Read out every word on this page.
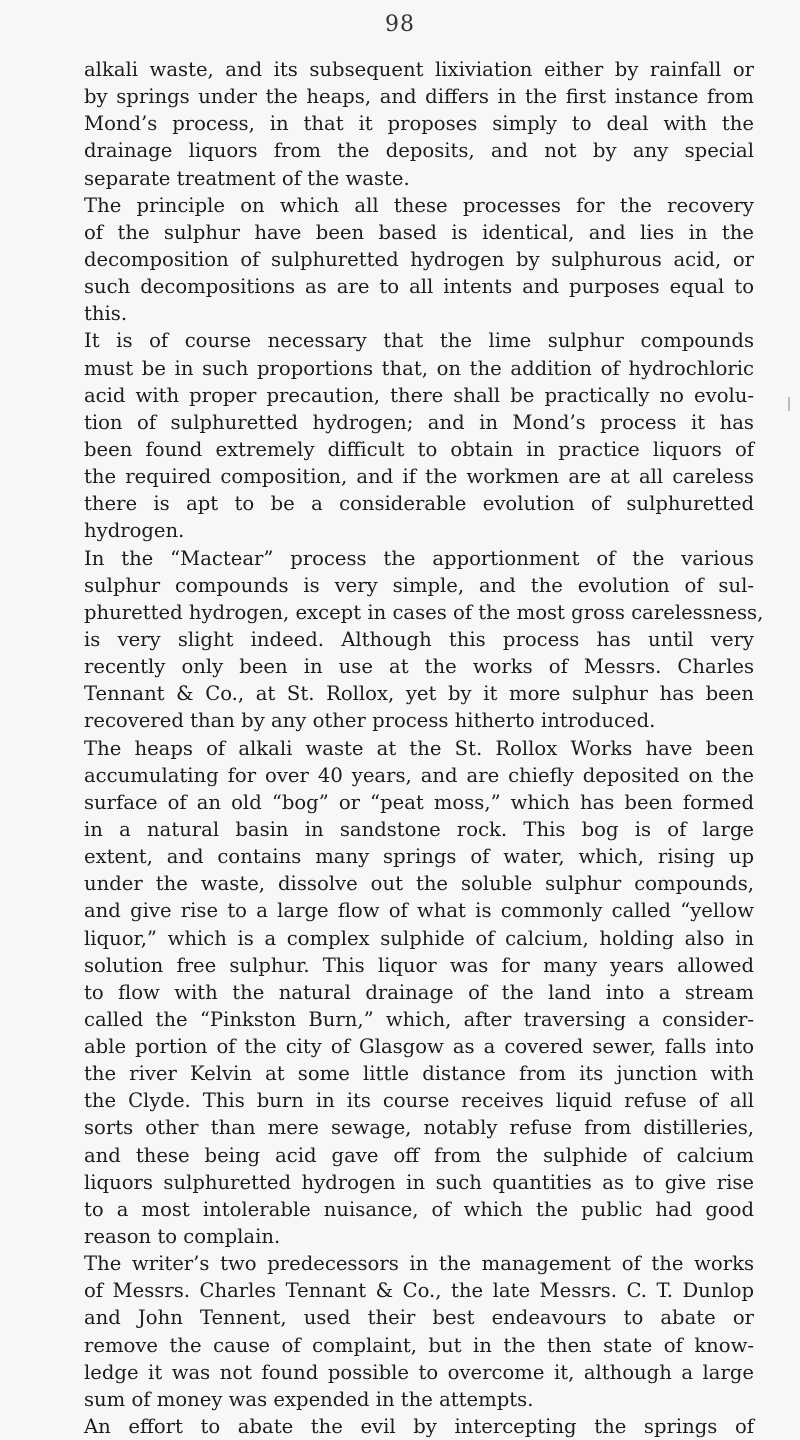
98
alkali waste, and its subsequent lixiviation either by rainfall or
by springs under the heaps, and differs in the first instance from
Mond’s process, in that it proposes simply to deal with the
drainage liquors from the deposits, and not by any special
separate treatment of the waste.
The principle on which all these processes for the recovery
of the sulphur have been based is identical, and lies in the
decomposition of sulphuretted hydrogen by sulphurous acid, or
such decompositions as are to all intents and purposes equal to
this.
It is of course necessary that the lime sulphur compounds
must be in such proportions that, on the addition of hydrochloric
acid with proper precaution, there shall be practically no evolu-
tion of sulphuretted hydrogen; and in Mond’s process it has
been found extremely difficult to obtain in practice liquors of
the required composition, and if the workmen are at all careless
there is apt to be a considerable evolution of sulphuretted
hydrogen.
In the “Mactear” process the apportionment of the various
sulphur compounds is very simple, and the evolution of sul-
phuretted hydrogen, except in cases of the most gross carelessness,
is very slight indeed. Although this process has until very
recently only been in use at the works of Messrs. Charles
Tennant & Co., at St. Rollox, yet by it more sulphur has been
recovered than by any other process hitherto introduced.
The heaps of alkali waste at the St. Rollox Works have been
accumulating for over 40 years, and are chiefly deposited on the
surface of an old “bog” or “peat moss,” which has been formed
in a natural basin in sandstone rock. This bog is of large
extent, and contains many springs of water, which, rising up
under the waste, dissolve out the soluble sulphur compounds,
and give rise to a large flow of what is commonly called “yellow
liquor,” which is a complex sulphide of calcium, holding also in
solution free sulphur. This liquor was for many years allowed
to flow with the natural drainage of the land into a stream
called the “Pinkston Burn,” which, after traversing a consider-
able portion of the city of Glasgow as a covered sewer, falls into
the river Kelvin at some little distance from its junction with
the Clyde. This burn in its course receives liquid refuse of all
sorts other than mere sewage, notably refuse from distilleries,
and these being acid gave off from the sulphide of calcium
liquors sulphuretted hydrogen in such quantities as to give rise
to a most intolerable nuisance, of which the public had good
reason to complain.
The writer’s two predecessors in the management of the works
of Messrs. Charles Tennant & Co., the late Messrs. C. T. Dunlop
and John Tennent, used their best endeavours to abate or
remove the cause of complaint, but in the then state of know-
ledge it was not found possible to overcome it, although a large
sum of money was expended in the attempts.
An effort to abate the evil by intercepting the springs of
